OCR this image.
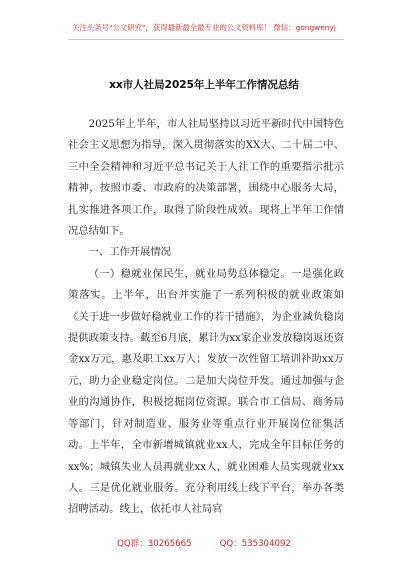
关注头条号"公文研究"，获得最新最全最专业的公文资料库！ 微信：gongwenyj
xx市人社局2025年上半年工作情况总结

2025年上半年，市人社局坚持以习近平新时代中国特色社会主义思想为指导，深入贯彻落实的XX大、二十届二中、三中全会精神和习近平总书记关于人社工作的重要指示批示精神，按照市委、市政府的决策部署，围绕中心服务大局，扎实推进各项工作，取得了阶段性成效。现将上半年工作情况总结如下。

一、工作开展情况

（一）稳就业保民生，就业局势总体稳定。一是强化政策落实。上半年，出台并实施了一系列积极的就业政策如《关于进一步做好稳就业工作的若干措施》，为企业减负稳岗提供政策支持。截至6月底，累计为xx家企业发放稳岗返还资金xx万元，惠及职工xx万人；发放一次性留工培训补助xx万元，助力企业稳定岗位。二是加大岗位开发。通过加强与企业的沟通协作，积极挖掘岗位资源。联合市工信局、商务局等部门，针对制造业、服务业等重点行业开展岗位征集活动。上半年，全市新增城镇就业xx人，完成全年目标任务的xx%；城镇失业人员再就业xx人，就业困难人员实现就业xx人。三是优化就业服务。充分利用线上线下平台，举办各类招聘活动。线上，依托市人社局官

QQ群：30265665	QQ：535304092
